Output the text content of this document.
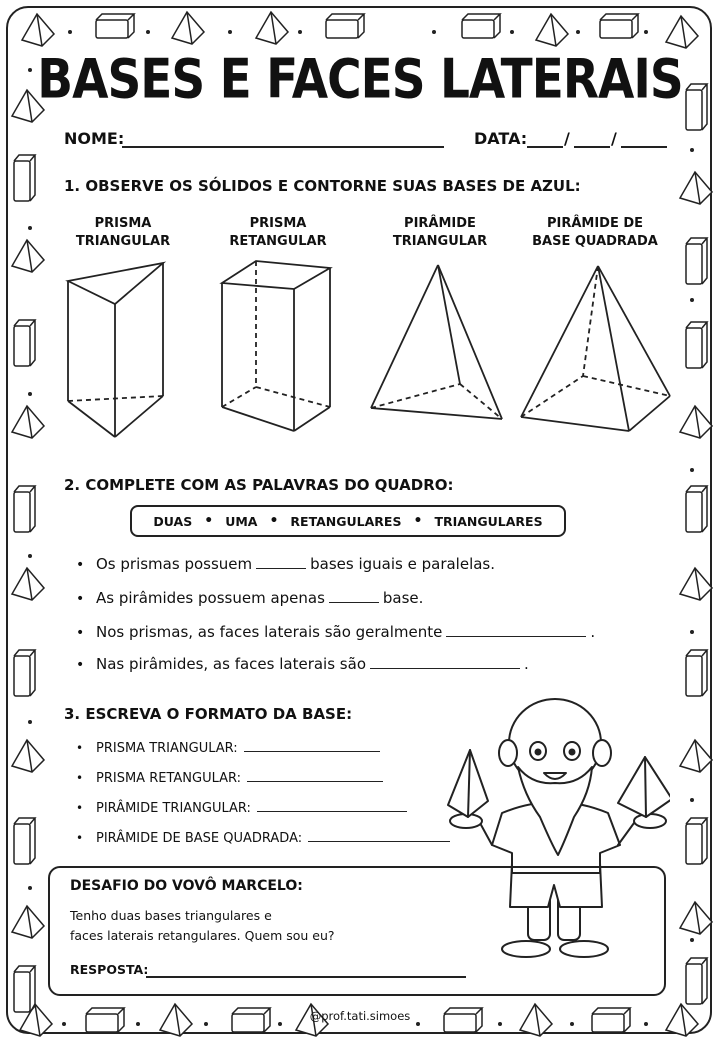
BASES E FACES LATERAIS
NOME:	DATA: /	/
1. OBSERVE OS SÓLIDOS E CONTORNE SUAS BASES DE AZUL:
PRISMA
TRIANGULAR
PRISMA
RETANGULAR
PIRÂMIDE
TRIANGULAR
PIRÂMIDE DE
BASE QUADRADA
2. COMPLETE COM AS PALAVRAS DO QUADRO:
DUAS • UMA • RETANGULARES • TRIANGULARES
• Os prismas possuem	bases iguais e paralelas.
• As pirâmides possuem apenas	base.
• Nos prismas, as faces laterais são geralmente	.
• Nas pirâmides, as faces laterais são	.
3. ESCREVA O FORMATO DA BASE:
• PRISMA TRIANGULAR:
• PRISMA RETANGULAR:
• PIRÂMIDE TRIANGULAR:
• PIRÂMIDE DE BASE QUADRADA:
DESAFIO DO VOVÔ MARCELO:
Tenho duas bases triangulares e
faces laterais retangulares. Quem sou eu?
RESPOSTA:
@prof.tati.simoes
